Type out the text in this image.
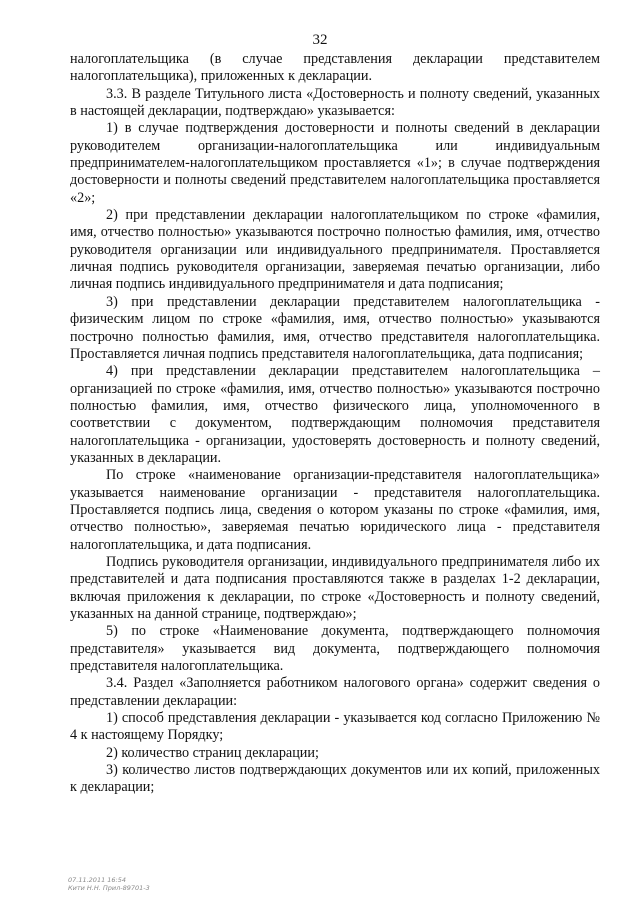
32

налогоплательщика (в случае представления декларации представителем налогоплательщика), приложенных к декларации.

3.3. В разделе Титульного листа «Достоверность и полноту сведений, указанных в настоящей декларации, подтверждаю» указывается:

1) в случае подтверждения достоверности и полноты сведений в декларации руководителем организации-налогоплательщика или индивидуальным предпринимателем-налогоплательщиком проставляется «1»; в случае подтверждения достоверности и полноты сведений представителем налогоплательщика проставляется «2»;

2) при представлении декларации налогоплательщиком по строке «фамилия, имя, отчество полностью» указываются построчно полностью фамилия, имя, отчество руководителя организации или индивидуального предпринимателя. Проставляется личная подпись руководителя организации, заверяемая печатью организации, либо личная подпись индивидуального предпринимателя и дата подписания;

3) при представлении декларации представителем налогоплательщика - физическим лицом по строке «фамилия, имя, отчество полностью» указываются построчно полностью фамилия, имя, отчество представителя налогоплательщика. Проставляется личная подпись представителя налогоплательщика, дата подписания;

4) при представлении декларации представителем налогоплательщика – организацией по строке «фамилия, имя, отчество полностью» указываются построчно полностью фамилия, имя, отчество физического лица, уполномоченного в соответствии с документом, подтверждающим полномочия представителя налогоплательщика - организации, удостоверять достоверность и полноту сведений, указанных в декларации.

По строке «наименование организации-представителя налогоплательщика» указывается наименование организации - представителя налогоплательщика. Проставляется подпись лица, сведения о котором указаны по строке «фамилия, имя, отчество полностью», заверяемая печатью юридического лица - представителя налогоплательщика, и дата подписания.

Подпись руководителя организации, индивидуального предпринимателя либо их представителей и дата подписания проставляются также в разделах 1-2 декларации, включая приложения к декларации, по строке «Достоверность и полноту сведений, указанных на данной странице, подтверждаю»;

5) по строке «Наименование документа, подтверждающего полномочия представителя» указывается вид документа, подтверждающего полномочия представителя налогоплательщика.

3.4. Раздел «Заполняется работником налогового органа» содержит сведения о представлении декларации:

1) способ представления декларации - указывается код согласно Приложению № 4 к настоящему Порядку;

2) количество страниц декларации;

3) количество листов подтверждающих документов или их копий, приложенных к декларации;

07.11.2011 16:54
Кити Н.Н. Прил-89701-3
